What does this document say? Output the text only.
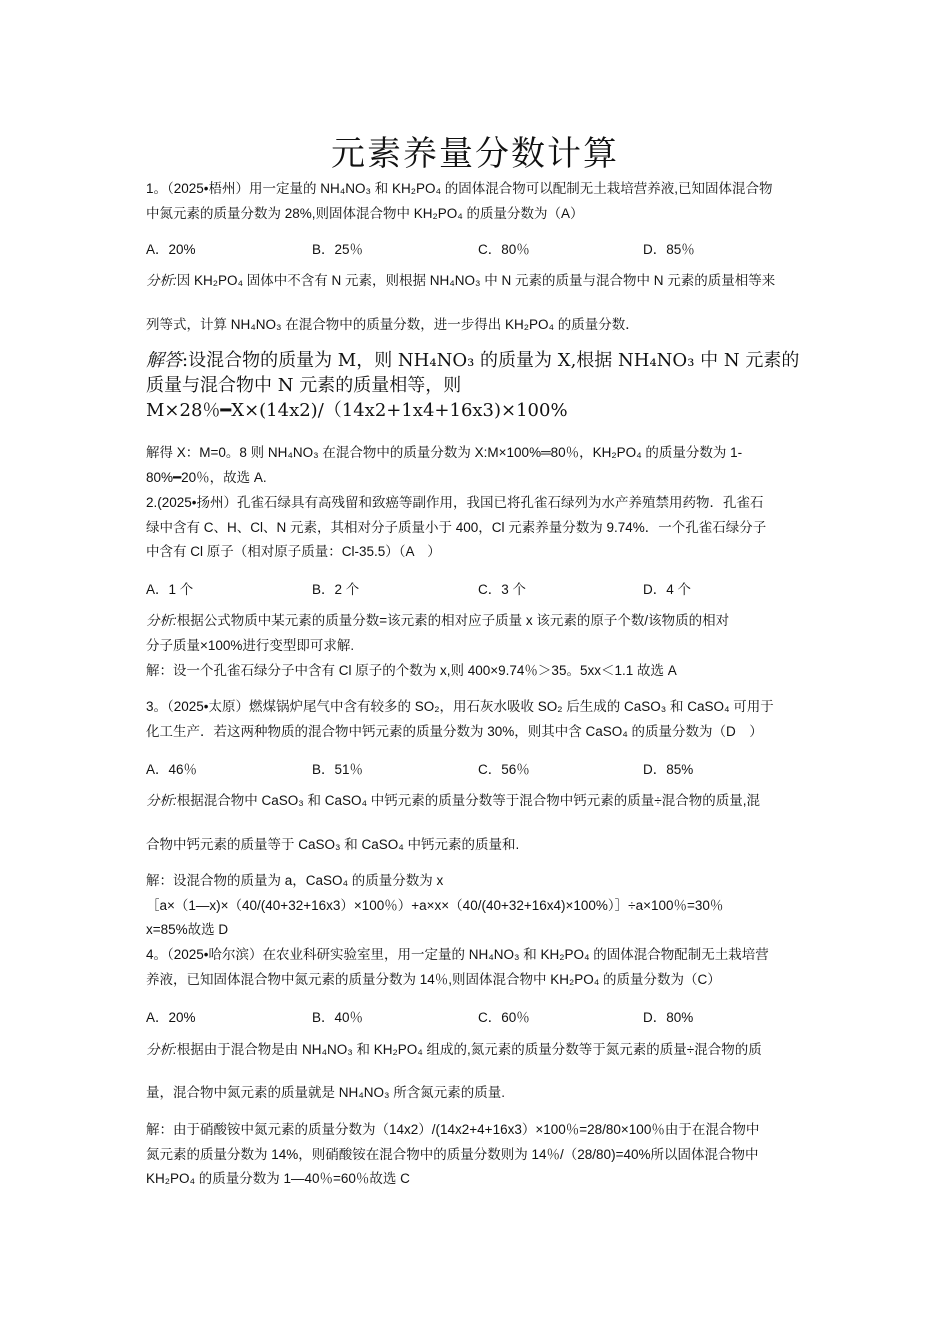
元素养量分数计算
1。（2025•梧州）用一定量的 NH₄NO₃ 和 KH₂PO₄ 的固体混合物可以配制无土栽培营养液,已知固体混合物
中氮元素的质量分数为 28%,则固体混合物中 KH₂PO₄ 的质量分数为（A）
A．20%	B．25％	C．80％	D．85％
分析:因 KH₂PO₄ 固体中不含有 N 元素，则根据 NH₄NO₃ 中 N 元素的质量与混合物中 N 元素的质量相等来
列等式，计算 NH₄NO₃ 在混合物中的质量分数，进一步得出 KH₂PO₄ 的质量分数．
解答:设混合物的质量为 M，则 NH₄NO₃ 的质量为 X,根据 NH₄NO₃ 中 N 元素的
质量与混合物中 N 元素的质量相等，则
M×28％━X×(14x2)/（14x2+1x4+16x3)×100%
解得 X：M=0。8 则 NH₄NO₃ 在混合物中的质量分数为 X:M×100%═80％，KH₂PO₄ 的质量分数为 1-
80%━20％，故选 A.
2.(2025•扬州）孔雀石绿具有高残留和致癌等副作用，我国已将孔雀石绿列为水产养殖禁用药物．孔雀石
绿中含有 C、H、Cl、N 元素，其相对分子质量小于 400，Cl 元素养量分数为 9.74%．一个孔雀石绿分子
中含有 Cl 原子（相对原子质量：Cl-35.5）（A　）
A．1 个	B．2 个	C．3 个	D．4 个
分析:根据公式物质中某元素的质量分数=该元素的相对应子质量 x 该元素的原子个数/该物质的相对
分子质量×100%进行变型即可求解.
解：设一个孔雀石绿分子中含有 Cl 原子的个数为 x,则 400×9.74％＞35。5xx＜1.1 故选 A
3。（2025•太原）燃煤锅炉尾气中含有较多的 SO₂，用石灰水吸收 SO₂ 后生成的 CaSO₃ 和 CaSO₄ 可用于
化工生产．若这两种物质的混合物中钙元素的质量分数为 30%，则其中含 CaSO₄ 的质量分数为（D　）
A．46％	B．51％	C．56％	D．85%
分析:根据混合物中 CaSO₃ 和 CaSO₄ 中钙元素的质量分数等于混合物中钙元素的质量÷混合物的质量,混
合物中钙元素的质量等于 CaSO₃ 和 CaSO₄ 中钙元素的质量和.
解：设混合物的质量为 a，CaSO₄ 的质量分数为 x
［a×（1—x)×（40/(40+32+16x3）×100％）+a×x×（40/(40+32+16x4)×100%）］÷a×100％=30％
x=85%故选 D
4。（2025•哈尔滨）在农业科研实验室里，用一定量的 NH₄NO₃ 和 KH₂PO₄ 的固体混合物配制无土栽培营
养液，已知固体混合物中氮元素的质量分数为 14％,则固体混合物中 KH₂PO₄ 的质量分数为（C）
A．20%	B．40％	C．60％	D．80%
分析:根据由于混合物是由 NH₄NO₃ 和 KH₂PO₄ 组成的,氮元素的质量分数等于氮元素的质量÷混合物的质
量，混合物中氮元素的质量就是 NH₄NO₃ 所含氮元素的质量.
解：由于硝酸铵中氮元素的质量分数为（14x2）/(14x2+4+16x3）×100％=28/80×100％由于在混合物中
氮元素的质量分数为 14%，则硝酸铵在混合物中的质量分数则为 14％/（28/80)=40%所以固体混合物中
KH₂PO₄ 的质量分数为 1—40％=60％故选 C
